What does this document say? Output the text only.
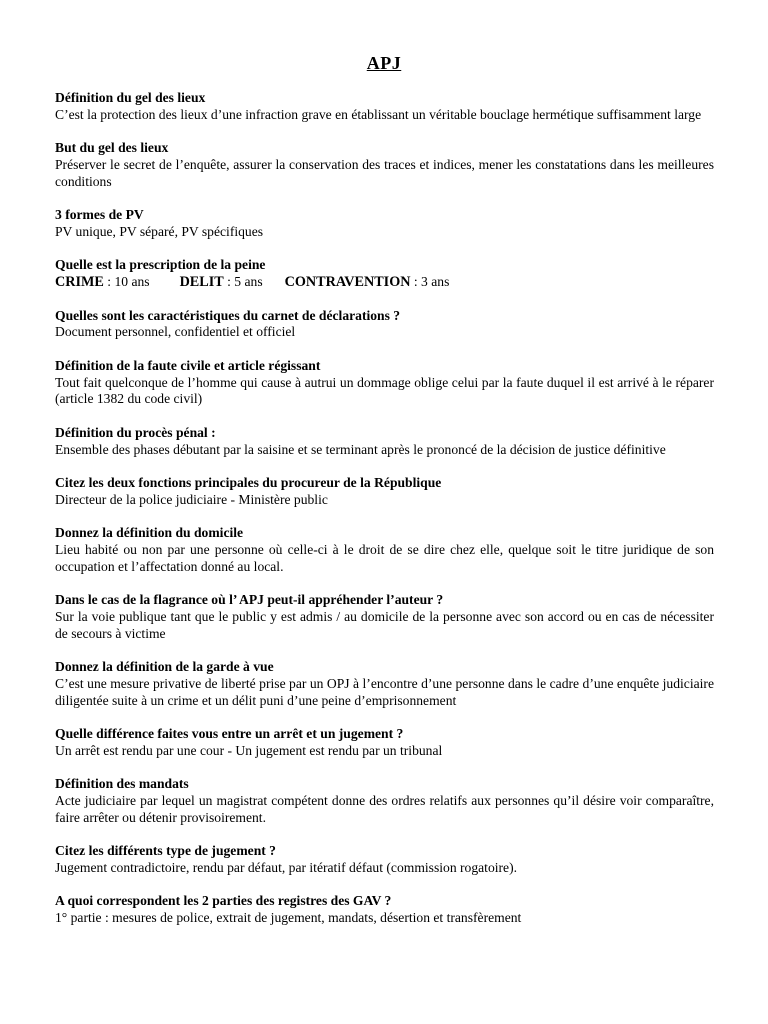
APJ
Définition du gel des lieux
C’est la protection des lieux d’une infraction grave en établissant un véritable bouclage hermétique suffisamment large
But du gel des lieux
Préserver le secret de l’enquête, assurer la conservation des traces et indices, mener les constatations dans les meilleures conditions
3 formes de PV
PV unique, PV séparé, PV spécifiques
Quelle est la prescription de la peine
CRIME : 10 ans DELIT : 5 ans CONTRAVENTION : 3 ans
Quelles sont les caractéristiques du carnet de déclarations ?
Document personnel, confidentiel et officiel
Définition de la faute civile et article régissant
Tout fait quelconque de l’homme qui cause à autrui un dommage oblige celui par la faute duquel il est arrivé à le réparer (article 1382 du code civil)
Définition du procès pénal :
Ensemble des phases débutant par la saisine et se terminant après le prononcé de la décision de justice définitive
Citez les deux fonctions principales du procureur de la République
Directeur de la police judiciaire - Ministère public
Donnez la définition du domicile
Lieu habité ou non par une personne où celle-ci à le droit de se dire chez elle, quelque soit le titre juridique de son occupation et l’affectation donné au local.
Dans le cas de la flagrance où l’ APJ peut-il appréhender l’auteur ?
Sur la voie publique tant que le public y est admis / au domicile de la personne avec son accord ou en cas de nécessiter de secours à victime
Donnez la définition de la garde à vue
C’est une mesure privative de liberté prise par un OPJ à l’encontre d’une personne dans le cadre d’une enquête judiciaire diligentée suite à un crime et un délit puni d’une peine d’emprisonnement
Quelle différence faites vous entre un arrêt et un jugement ?
Un arrêt est rendu par une cour - Un jugement est rendu par un tribunal
Définition des mandats
Acte judiciaire par lequel un magistrat compétent donne des ordres relatifs aux personnes qu’il désire voir comparaître, faire arrêter ou détenir provisoirement.
Citez les différents type de jugement ?
Jugement contradictoire, rendu par défaut, par itératif défaut (commission rogatoire).
A quoi correspondent les 2 parties des registres des GAV ?
1° partie : mesures de police, extrait de jugement, mandats, désertion et transfèrement
